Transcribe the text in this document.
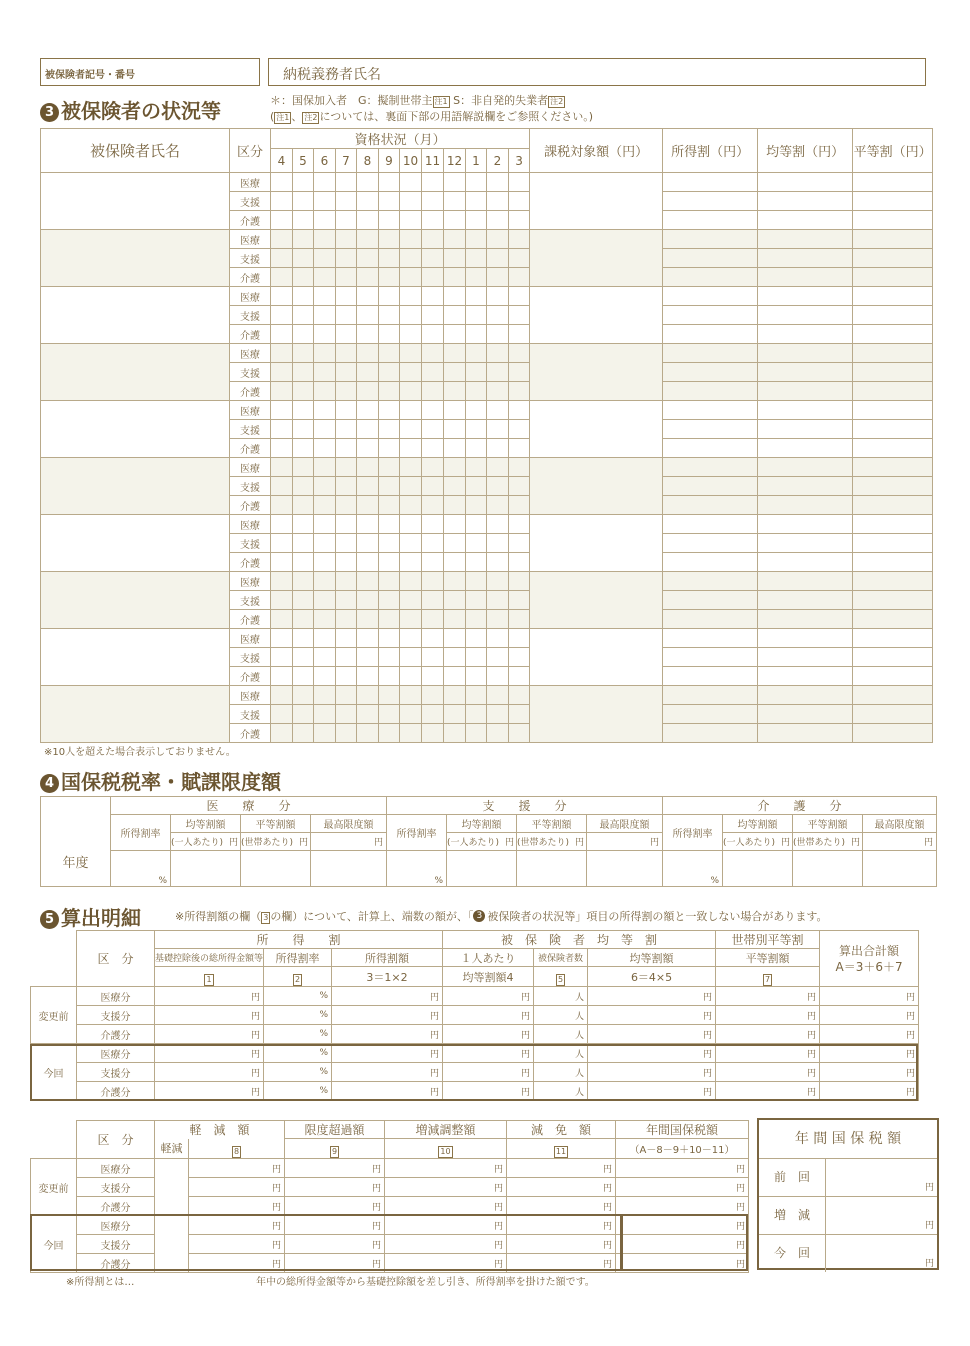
被保険者記号・番号	納税義務者氏名
3 被保険者の状況等	＊：国保加入者　G：擬制世帯主 注1 S：非自発的失業者 注2
( 注1 、 注2 については、裏面下部の用語解説欄をご参照ください。)
被保険者氏名	区分	資格状況（月）												課税対象額（円）	所得割（円）	均等割（円）	平等割（円）
		4	5	6	7	8	9	10	11	12	1	2	3				
	医療																
	支援																
	介護																
	医療																
	支援																
	介護																
	医療																
	支援																
	介護																
	医療																
	支援																
	介護																
	医療																
	支援																
	介護																
	医療																
	支援																
	介護																
	医療																
	支援																
	介護																
	医療																
	支援																
	介護																
	医療																
	支援																
	介護																
	医療																
	支援																
	介護																
※10人を超えた場合表示しておりません。
4 国保税税率・賦課限度額
年度	医　　療　　分				支　　援　　分				介　　護　　分			
	所得割率	均等割額	平等割額	最高限度額	所得割率	均等割額	平等割額	最高限度額	所得割率	均等割額	平等割額	最高限度額
		(一人あたり) 円	(世帯あたり) 円	円		(一人あたり) 円	(世帯あたり) 円	円		(一人あたり) 円	(世帯あたり) 円	円
	%				%				%			
5 算出明細	※所得割額の欄（ 3 の欄）について、計算上、端数の額が、「 3 被保険者の状況等」項目の所得割の額と一致しない場合があります。
	区　分	所　　得　　割			被　保　険　者　均　等　割			世帯別平等割	算出合計額
A＝3＋6＋7

		基礎控除後の総所得金額等	所得割率	所得割額	１人あたり	被保険者数	均等割額	平等割額	
		1	2	3＝1×2	均等割額4	5	6＝4×5	7	
変更前	医療分	円	%	円	円	人	円	円	円
	支援分	円	%	円	円	人	円	円	円
	介護分	円	%	円	円	人	円	円	円
今回	医療分	円	%	円	円	人	円	円	円
	支援分	円	%	円	円	人	円	円	円
	介護分	円	%	円	円	人	円	円	円
	区　分	軽　減　額		限度超過額	増減調整額	減　免　額	年間国保税額
		軽減	8	9	10	11	（A－8－9＋10－11）
変更前	医療分		円	円	円	円	円
	支援分		円	円	円	円	円
	介護分		円	円	円	円	円
今回	医療分		円	円	円	円	円
	支援分		円	円	円	円	円
	介護分		円	円	円	円	円
※所得割とは…	年中の総所得金額等から基礎控除額を差し引き、所得割率を掛けた額です。
年 間 国 保 税 額
前　回
円
増　減
円
今　回
円
